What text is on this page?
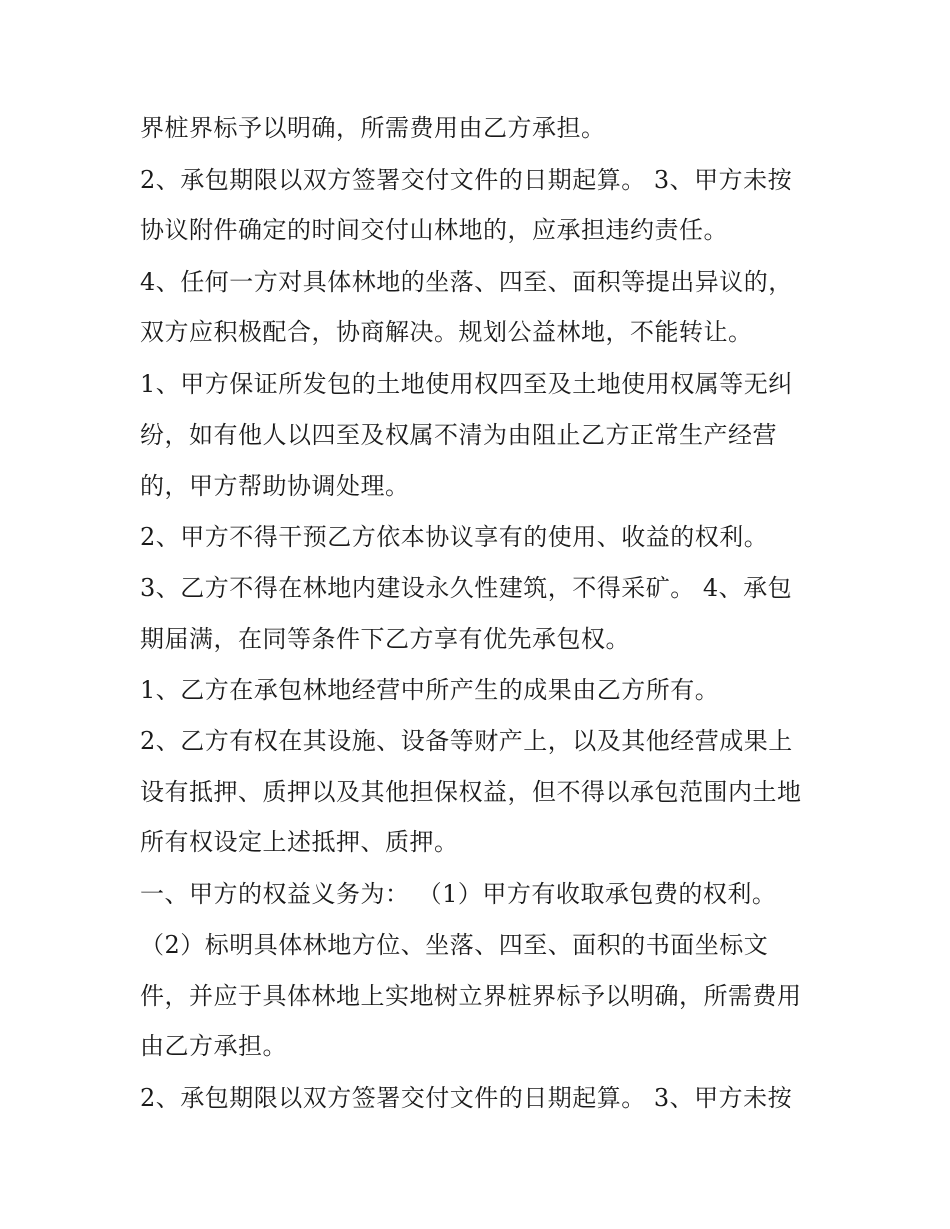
界桩界标予以明确，所需费用由乙方承担。
2、承包期限以双方签署交付文件的日期起算。 3、甲方未按
协议附件确定的时间交付山林地的，应承担违约责任。
4、任何一方对具体林地的坐落、四至、面积等提出异议的，
双方应积极配合，协商解决。规划公益林地，不能转让。
1、甲方保证所发包的土地使用权四至及土地使用权属等无纠
纷，如有他人以四至及权属不清为由阻止乙方正常生产经营
的，甲方帮助协调处理。
2、甲方不得干预乙方依本协议享有的使用、收益的权利。
3、乙方不得在林地内建设永久性建筑，不得采矿。 4、承包
期届满，在同等条件下乙方享有优先承包权。
1、乙方在承包林地经营中所产生的成果由乙方所有。
2、乙方有权在其设施、设备等财产上，以及其他经营成果上
设有抵押、质押以及其他担保权益，但不得以承包范围内土地
所有权设定上述抵押、质押。
一、甲方的权益义务为： （1）甲方有收取承包费的权利。
（2）标明具体林地方位、坐落、四至、面积的书面坐标文
件，并应于具体林地上实地树立界桩界标予以明确，所需费用
由乙方承担。
2、承包期限以双方签署交付文件的日期起算。 3、甲方未按
